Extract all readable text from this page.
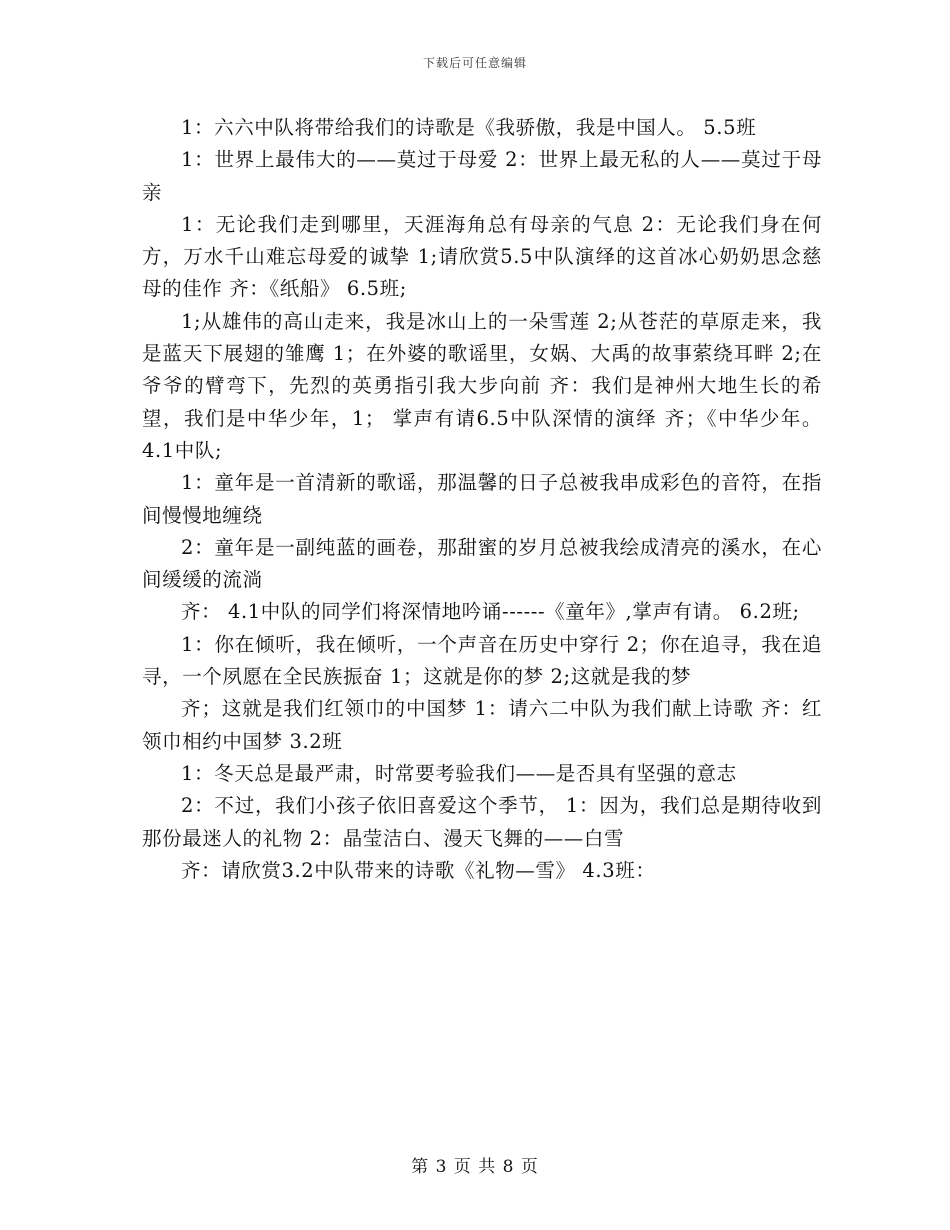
下载后可任意编辑

1：六六中队将带给我们的诗歌是《我骄傲，我是中国人。 5.5班

1：世界上最伟大的——莫过于母爱 2：世界上最无私的人——莫过于母亲

1：无论我们走到哪里，天涯海角总有母亲的气息 2：无论我们身在何方，万水千山难忘母爱的诚挚 1;请欣赏5.5中队演绎的这首冰心奶奶思念慈母的佳作 齐：《纸船》 6.5班;

1;从雄伟的高山走来，我是冰山上的一朵雪莲 2;从苍茫的草原走来，我是蓝天下展翅的雏鹰 1；在外婆的歌谣里，女娲、大禹的故事萦绕耳畔 2;在爷爷的臂弯下，先烈的英勇指引我大步向前 齐：我们是神州大地生长的希望，我们是中华少年，1； 掌声有请6.5中队深情的演绎 齐；《中华少年。 4.1中队;

1：童年是一首清新的歌谣，那温馨的日子总被我串成彩色的音符，在指间慢慢地缠绕

2：童年是一副纯蓝的画卷，那甜蜜的岁月总被我绘成清亮的溪水，在心间缓缓的流淌

齐： 4.1中队的同学们将深情地吟诵------《童年》,掌声有请。 6.2班;

1：你在倾听，我在倾听，一个声音在历史中穿行 2；你在追寻，我在追寻，一个夙愿在全民族振奋 1；这就是你的梦 2;这就是我的梦

齐；这就是我们红领巾的中国梦 1：请六二中队为我们献上诗歌 齐：红领巾相约中国梦 3.2班

1：冬天总是最严肃，时常要考验我们——是否具有坚强的意志

2：不过，我们小孩子依旧喜爱这个季节， 1：因为，我们总是期待收到那份最迷人的礼物 2：晶莹洁白、漫天飞舞的——白雪

齐：请欣赏3.2中队带来的诗歌《礼物—雪》 4.3班：

第 3 页 共 8 页
